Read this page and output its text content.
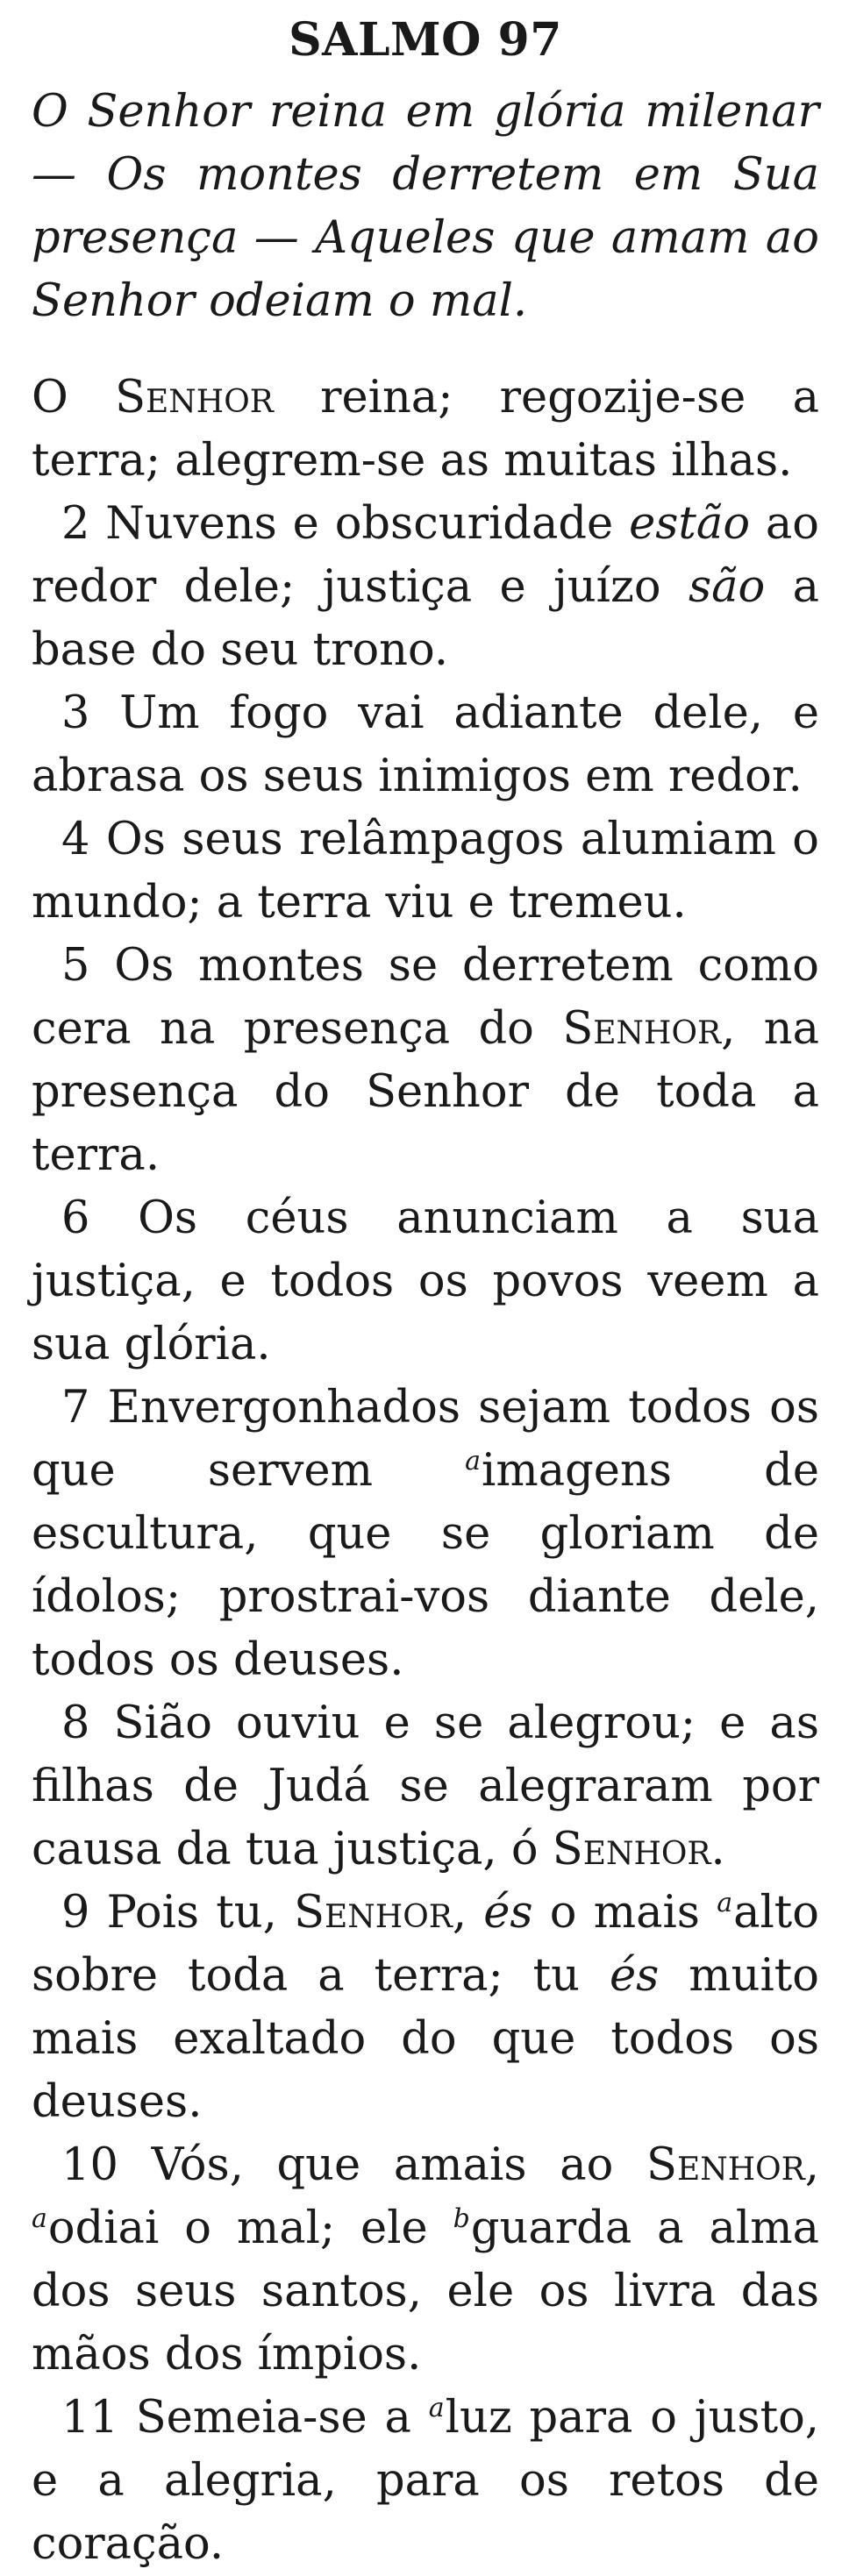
SALMO 97

O Senhor reina em glória milenar — Os montes derretem em Sua presença — Aqueles que amam ao Senhor odeiam o mal.

O Senhor reina; regozije-se a terra; alegrem-se as muitas ilhas.

2 Nuvens e obscuridade estão ao redor dele; justiça e juízo são a base do seu trono.

3 Um fogo vai adiante dele, e abrasa os seus inimigos em redor.

4 Os seus relâmpagos alumiam o mundo; a terra viu e tremeu.

5 Os montes se derretem como cera na presença do Senhor, na presença do Senhor de toda a terra.

6 Os céus anunciam a sua justiça, e todos os povos veem a sua glória.

7 Envergonhados sejam todos os que servem $^a$imagens de escultura, que se gloriam de ídolos; prostrai-vos diante dele, todos os deuses.

8 Sião ouviu e se alegrou; e as filhas de Judá se alegraram por causa da tua justiça, ó Senhor.

9 Pois tu, Senhor, és o mais $^a$alto sobre toda a terra; tu és muito mais exaltado do que todos os deuses.

10 Vós, que amais ao Senhor, $^a$odiai o mal; ele $^b$guarda a alma dos seus santos, ele os livra das mãos dos ímpios.

11 Semeia-se a $^a$luz para o justo, e a alegria, para os retos de coração.
